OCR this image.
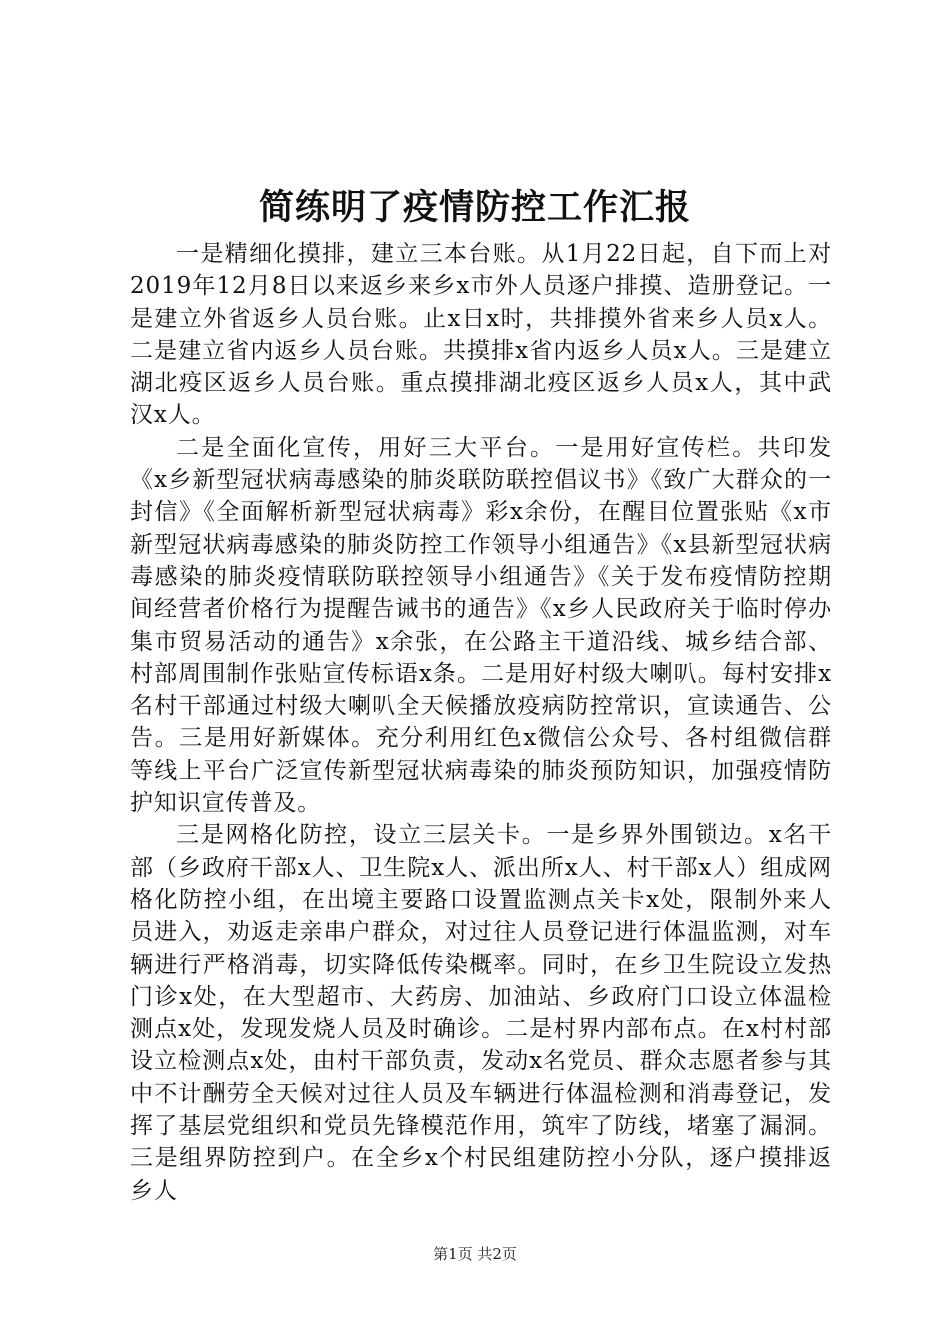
简练明了疫情防控工作汇报

一是精细化摸排，建立三本台账。从1月22日起，自下而上对2019年12月8日以来返乡来乡x市外人员逐户排摸、造册登记。一是建立外省返乡人员台账。止x日x时，共排摸外省来乡人员x人。二是建立省内返乡人员台账。共摸排x省内返乡人员x人。三是建立湖北疫区返乡人员台账。重点摸排湖北疫区返乡人员x人，其中武汉x人。

二是全面化宣传，用好三大平台。一是用好宣传栏。共印发《x乡新型冠状病毒感染的肺炎联防联控倡议书》《致广大群众的一封信》《全面解析新型冠状病毒》彩x余份，在醒目位置张贴《x市新型冠状病毒感染的肺炎防控工作领导小组通告》《x县新型冠状病毒感染的肺炎疫情联防联控领导小组通告》《关于发布疫情防控期间经营者价格行为提醒告诫书的通告》《x乡人民政府关于临时停办集市贸易活动的通告》x余张，在公路主干道沿线、城乡结合部、村部周围制作张贴宣传标语x条。二是用好村级大喇叭。每村安排x名村干部通过村级大喇叭全天候播放疫病防控常识，宣读通告、公告。三是用好新媒体。充分利用红色x微信公众号、各村组微信群等线上平台广泛宣传新型冠状病毒染的肺炎预防知识，加强疫情防护知识宣传普及。

三是网格化防控，设立三层关卡。一是乡界外围锁边。x名干部（乡政府干部x人、卫生院x人、派出所x人、村干部x人）组成网格化防控小组，在出境主要路口设置监测点关卡x处，限制外来人员进入，劝返走亲串户群众，对过往人员登记进行体温监测，对车辆进行严格消毒，切实降低传染概率。同时，在乡卫生院设立发热门诊x处，在大型超市、大药房、加油站、乡政府门口设立体温检测点x处，发现发烧人员及时确诊。二是村界内部布点。在x村村部设立检测点x处，由村干部负责，发动x名党员、群众志愿者参与其中不计酬劳全天候对过往人员及车辆进行体温检测和消毒登记，发挥了基层党组织和党员先锋模范作用，筑牢了防线，堵塞了漏洞。三是组界防控到户。在全乡x个村民组建防控小分队，逐户摸排返乡人

第1页 共2页
